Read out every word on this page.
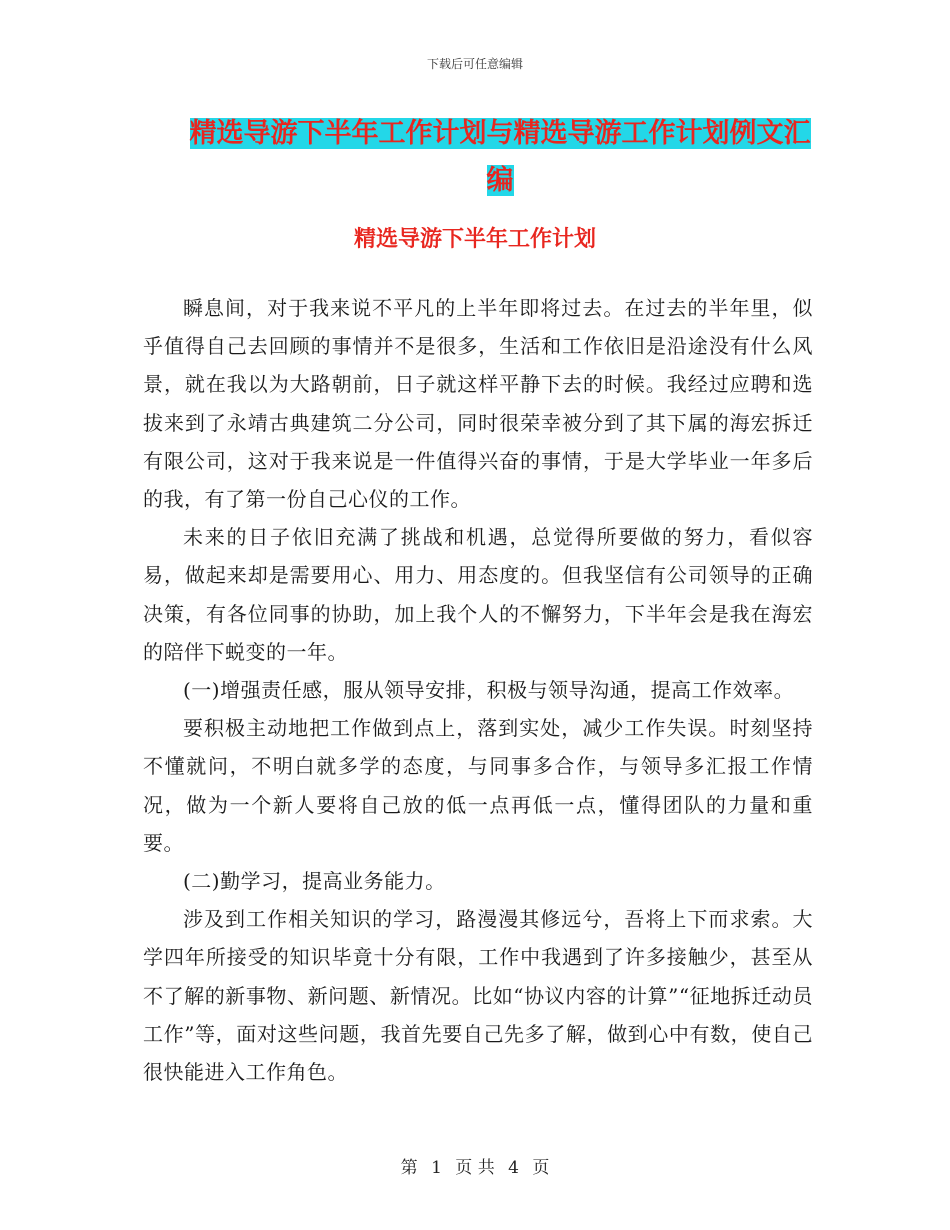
下载后可任意编辑
精选导游下半年工作计划与精选导游工作计划例文汇
编
精选导游下半年工作计划

瞬息间，对于我来说不平凡的上半年即将过去。在过去的半年里，似乎值得自己去回顾的事情并不是很多，生活和工作依旧是沿途没有什么风景，就在我以为大路朝前，日子就这样平静下去的时候。我经过应聘和选拔来到了永靖古典建筑二分公司，同时很荣幸被分到了其下属的海宏拆迁有限公司，这对于我来说是一件值得兴奋的事情，于是大学毕业一年多后的我，有了第一份自己心仪的工作。

未来的日子依旧充满了挑战和机遇，总觉得所要做的努力，看似容易，做起来却是需要用心、用力、用态度的。但我坚信有公司领导的正确决策，有各位同事的协助，加上我个人的不懈努力，下半年会是我在海宏的陪伴下蜕变的一年。

(一)增强责任感，服从领导安排，积极与领导沟通，提高工作效率。

要积极主动地把工作做到点上，落到实处，减少工作失误。时刻坚持不懂就问，不明白就多学的态度，与同事多合作，与领导多汇报工作情况，做为一个新人要将自己放的低一点再低一点，懂得团队的力量和重要。

(二)勤学习，提高业务能力。

涉及到工作相关知识的学习，路漫漫其修远兮，吾将上下而求索。大学四年所接受的知识毕竟十分有限，工作中我遇到了许多接触少，甚至从不了解的新事物、新问题、新情况。比如“协议内容的计算”“征地拆迁动员工作”等，面对这些问题，我首先要自己先多了解，做到心中有数，使自己很快能进入工作角色。

第 1 页 共 4 页
